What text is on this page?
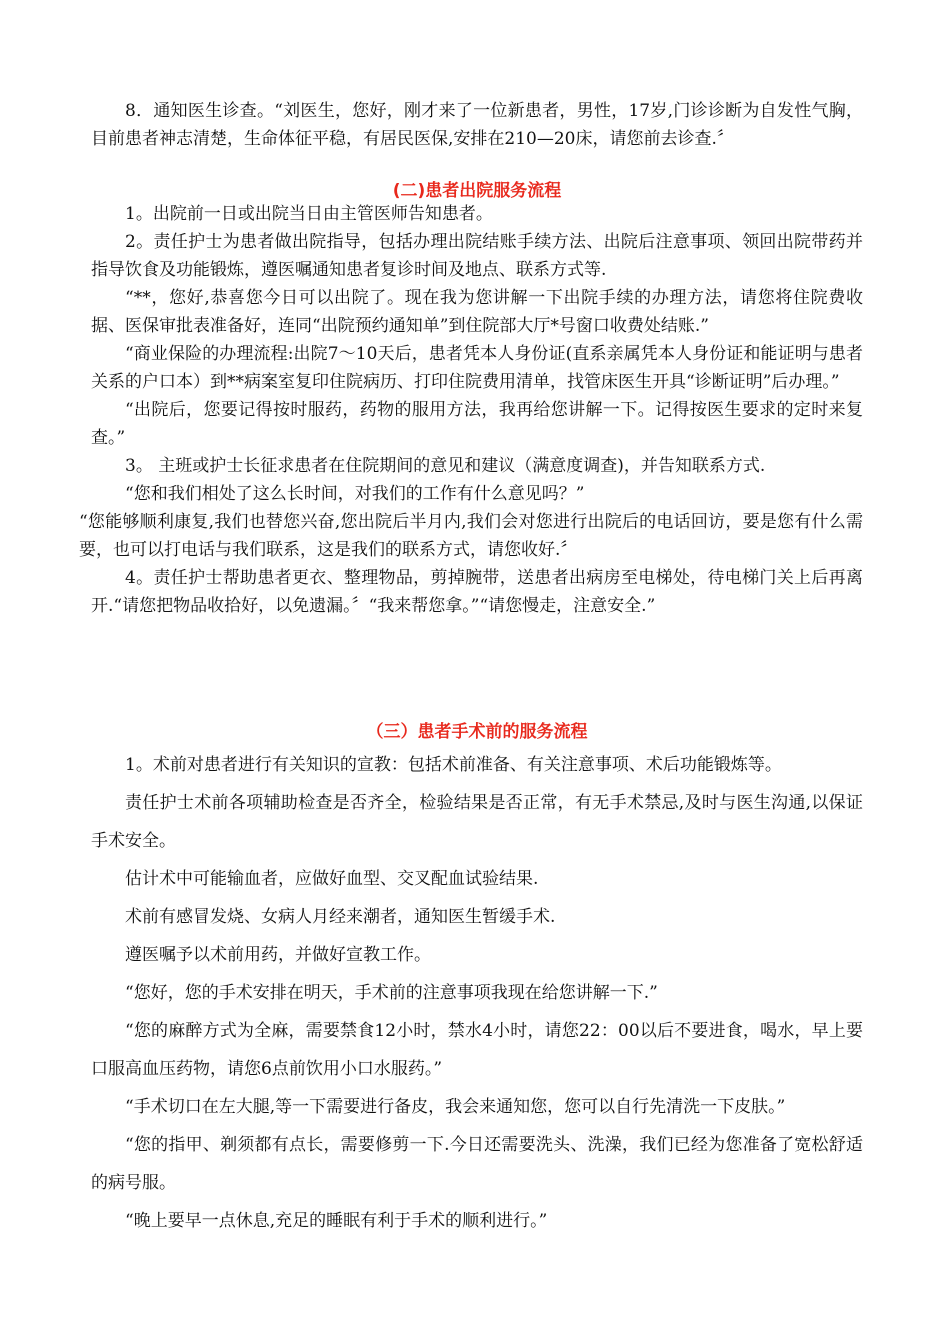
8．通知医生诊查。“刘医生，您好，刚才来了一位新患者，男性，17岁,门诊诊断为自发性气胸，目前患者神志清楚，生命体征平稳，有居民医保,安排在210—20床，请您前去诊查.〞

(二)患者出院服务流程

1。出院前一日或出院当日由主管医师告知患者。

2。责任护士为患者做出院指导，包括办理出院结账手续方法、出院后注意事项、领回出院带药并指导饮食及功能锻炼，遵医嘱通知患者复诊时间及地点、联系方式等.

“**，您好,恭喜您今日可以出院了。现在我为您讲解一下出院手续的办理方法，请您将住院费收据、医保审批表准备好，连同“出院预约通知单”到住院部大厅*号窗口收费处结账.”

“商业保险的办理流程:出院7～10天后，患者凭本人身份证(直系亲属凭本人身份证和能证明与患者关系的户口本）到**病案室复印住院病历、打印住院费用清单，找管床医生开具“诊断证明”后办理。”

“出院后，您要记得按时服药，药物的服用方法，我再给您讲解一下。记得按医生要求的定时来复查。”

3。 主班或护士长征求患者在住院期间的意见和建议（满意度调查)，并告知联系方式.

“您和我们相处了这么长时间，对我们的工作有什么意见吗？”

“您能够顺利康复,我们也替您兴奋,您出院后半月内,我们会对您进行出院后的电话回访，要是您有什么需要，也可以打电话与我们联系，这是我们的联系方式，请您收好.〞

4。责任护士帮助患者更衣、整理物品，剪掉腕带，送患者出病房至电梯处，待电梯门关上后再离开.“请您把物品收拾好，以免遗漏。〞“我来帮您拿。”“请您慢走，注意安全.”

（三）患者手术前的服务流程

1。术前对患者进行有关知识的宣教：包括术前准备、有关注意事项、术后功能锻炼等。

责任护士术前各项辅助检查是否齐全，检验结果是否正常，有无手术禁忌,及时与医生沟通,以保证手术安全。

估计术中可能输血者，应做好血型、交叉配血试验结果.

术前有感冒发烧、女病人月经来潮者，通知医生暂缓手术.

遵医嘱予以术前用药，并做好宣教工作。

“您好，您的手术安排在明天，手术前的注意事项我现在给您讲解一下.”

“您的麻醉方式为全麻，需要禁食12小时，禁水4小时，请您22：00以后不要进食，喝水，早上要口服高血压药物，请您6点前饮用小口水服药。”

“手术切口在左大腿,等一下需要进行备皮，我会来通知您，您可以自行先清洗一下皮肤。”

“您的指甲、剃须都有点长，需要修剪一下.今日还需要洗头、洗澡，我们已经为您准备了宽松舒适的病号服。

“晚上要早一点休息,充足的睡眠有利于手术的顺利进行。”
